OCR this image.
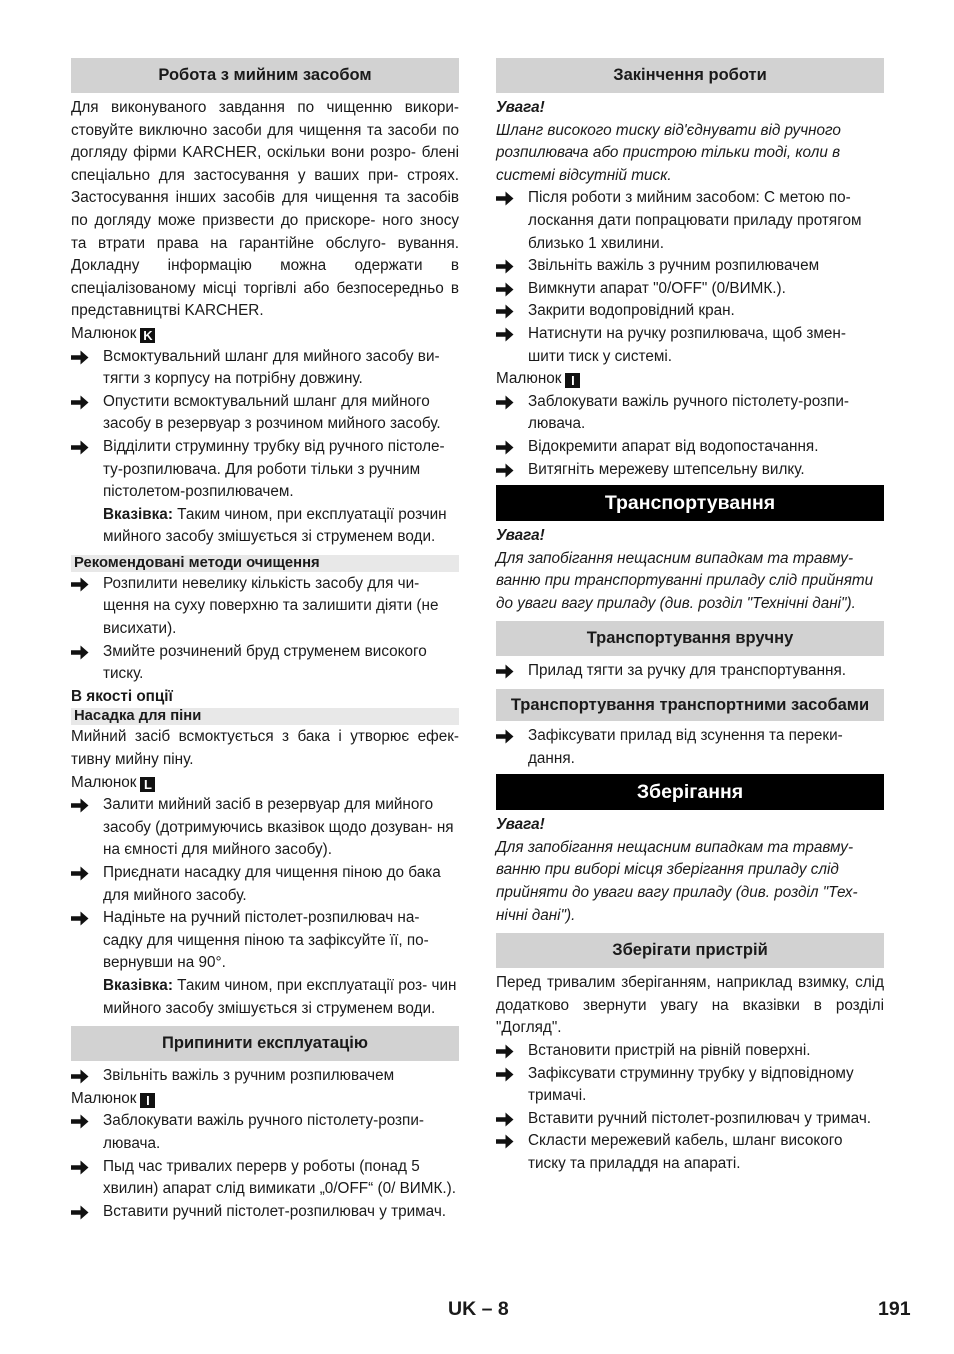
Робота з мийним засобом

Для виконуваного завдання по чищенню викори- стовуйте виключно засоби для чищення та засоби по догляду фірми KARCHER, оскільки вони розро- блені спеціально для застосування у ваших при- строях. Застосування інших засобів для чищення та засобів по догляду може призвести до прискоре- ного зносу та втрати права на гарантійне обслуго- вування. Докладну інформацію можна одержати в спеціалізованому місці торгівлі або безпосередньо в представництві KARCHER.

Малюнок K
Всмоктувальний шланг для мийного засобу ви- тягти з корпусу на потрібну довжину.
Опустити всмоктувальний шланг для мийного засобу в резервуар з розчином мийного засобу.
Відділити струминну трубку від ручного пістоле- ту-розпилювача. Для роботи тільки з ручним пістолетом-розпилювачем.

Вказівка: Таким чином, при експлуатації розчин мийного засобу змішується зі струменем води.

Рекомендовані методи очищення
Розпилити невелику кількість засобу для чи- щення на суху поверхню та залишити діяти (не висихати).
Змийте розчинений бруд струменем високого тиску.

В якості опції

Насадка для піни

Мийний засіб всмоктується з бака і утворює ефек- тивну мийну піну.

Малюнок L
Залити мийний засіб в резервуар для мийного засобу (дотримуючись вказівок щодо дозуван- ня на ємності для мийного засобу).
Приєднати насадку для чищення піною до бака для мийного засобу.
Надіньте на ручний пістолет-розпилювач на- садку для чищення піною та зафіксуйте її, по- вернувши на 90°.

Вказівка: Таким чином, при експлуатації роз- чин мийного засобу змішується зі струменем води.

Припинити експлуатацію
Звільніть важіль з ручним розпилювачем
Малюнок I
Заблокувати важіль ручного пістолету-розпи- лювача.
Пыд час тривалих перерв у роботы (понад 5 хвилин) апарат слід вимикати „0/OFF“ (0/ ВИМК.).
Вставити ручний пістолет-розпилювач у тримач.
Закінчення роботи

Увага!
Шланг високого тиску від'єднувати від ручного розпилювача або пристрою тільки тоді, коли в системі відсутній тиск.

Після роботи з мийним засобом: С метою по- лоскання дати попрацювати приладу протягом близько 1 хвилини.
Звільніть важіль з ручним розпилювачем
Вимкнути апарат "0/OFF" (0/ВИМК.).
Закрити водопровідний кран.
Натиснути на ручку розпилювача, щоб змен- шити тиск у системі.
Малюнок I
Заблокувати важіль ручного пістолету-розпи- лювача.
Відокремити апарат від водопостачання.
Витягніть мережеву штепсельну вилку.
Транспортування

Увага!
Для запобігання нещасним випадкам та травму- ванню при транспортуванні приладу слід прийняти до уваги вагу приладу (див. розділ "Технічні дані").

Транспортування вручну
Прилад тягти за ручку для транспортування.
Транспортування транспортними засобами
Зафіксувати прилад від зсунення та переки- дання.
Зберігання

Увага!
Для запобігання нещасним випадкам та травму- ванню при виборі місця зберігання приладу слід прийняти до уваги вагу приладу (див. розділ "Тех- нічні дані").

Зберігати пристрій

Перед тривалим зберіганням, наприклад взимку, слід додатково звернути увагу на вказівки в розділі "Догляд".

Встановити пристрій на рівній поверхні.
Зафіксувати струминну трубку у відповідному тримачі.
Вставити ручний пістолет-розпилювач у тримач.
Скласти мережевий кабель, шланг високого тиску та приладдя на апараті.
UK – 8	191
